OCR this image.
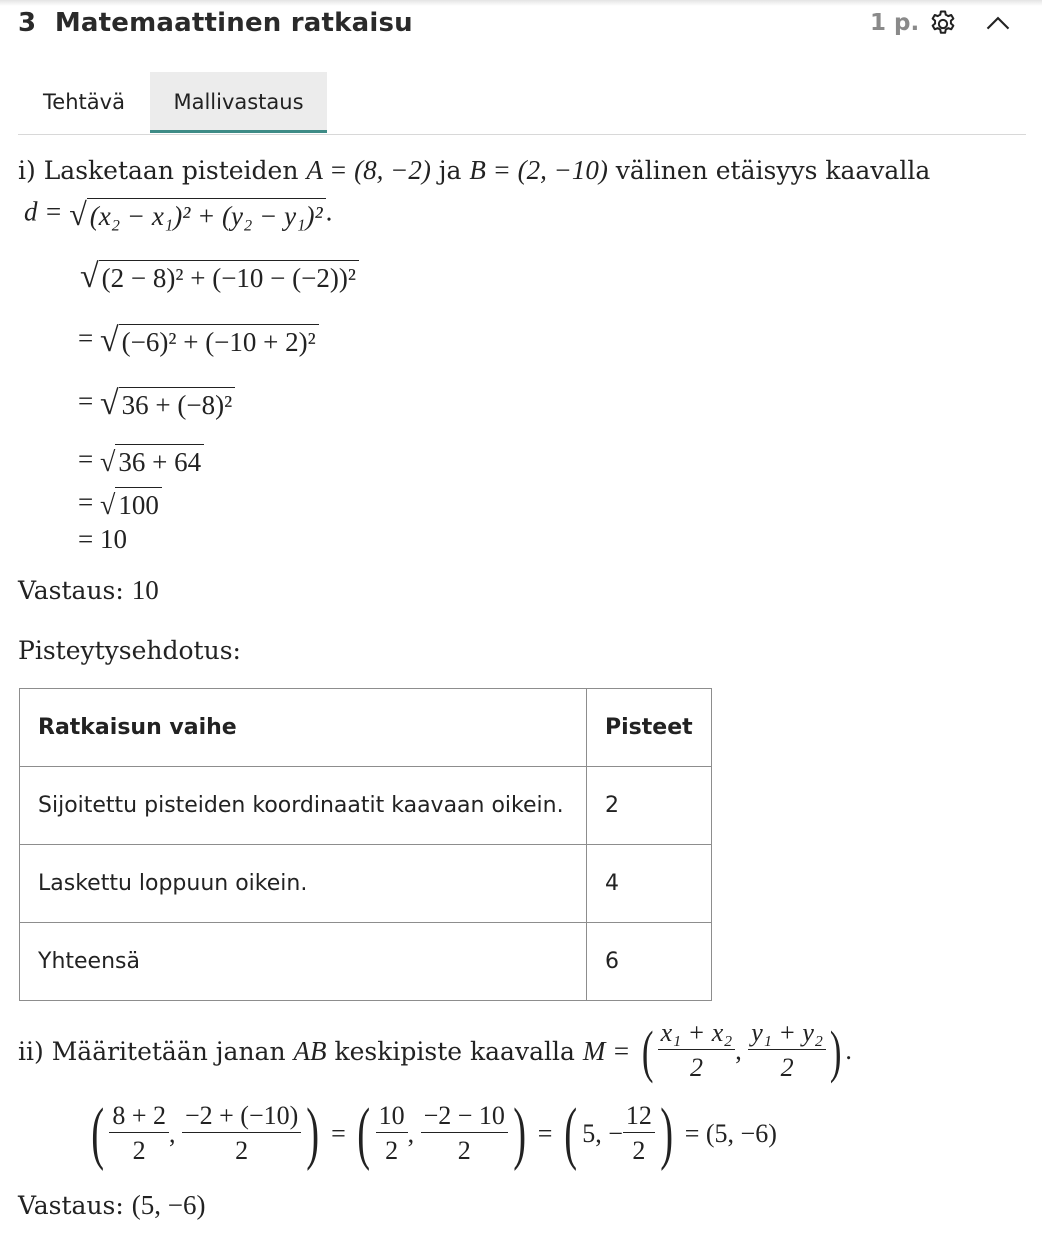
3 Matemaattinen ratkaisu	1 p.
Tehtävä	Mallivastaus
i) Lasketaan pisteiden A = (8, −2) ja B = (2, −10) välinen etäisyys kaavalla
d = √ (x₂ − x₁)² + (y₂ − y₁)² .
√ (2 − 8)² + (−10 − (−2))²
= √ (−6)² + (−10 + 2)²
= √ 36 + (−8)²
= √ 36 + 64
= √ 100
= 10
Vastaus: 10
Pisteytysehdotus:
Ratkaisun vaihe	Pisteet
Sijoitettu pisteiden koordinaatit kaavaan oikein.	2
Laskettu loppuun oikein.	4
Yhteensä	6
ii) Määritetään janan
AB
keskipiste kaavalla
M =
( $\frac{\text{x₁ + x₂}}{2}$ , $\frac{\text{y₁ + y₂}}{2}$ ) .
( $\frac{8 + 2}{2}$ , $\frac{-2 + (-10)}{2}$ ) = ( $\frac{10}{2}$ , $\frac{-2 - 10}{2}$ ) = ( 5, − $\frac{12}{2}$ )
= (5, −6)
Vastaus: (5, −6)
